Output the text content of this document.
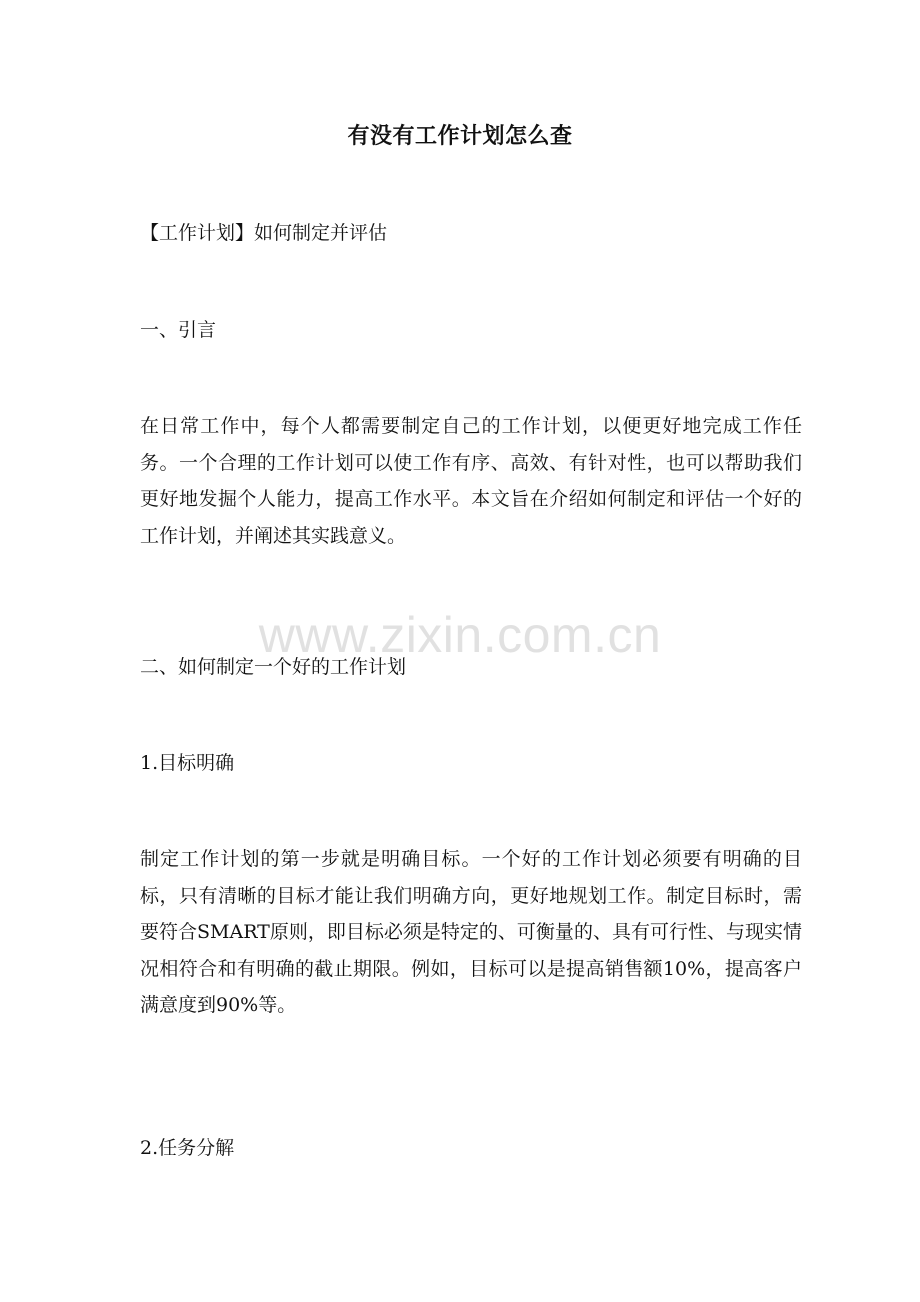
有没有工作计划怎么查
【工作计划】如何制定并评估
一、引言
在日常工作中，每个人都需要制定自己的工作计划，以便更好地完成工作任务。一个合理的工作计划可以使工作有序、高效、有针对性，也可以帮助我们更好地发掘个人能力，提高工作水平。本文旨在介绍如何制定和评估一个好的工作计划，并阐述其实践意义。
www.zixin.com.cn
二、如何制定一个好的工作计划
1.目标明确
制定工作计划的第一步就是明确目标。一个好的工作计划必须要有明确的目标，只有清晰的目标才能让我们明确方向，更好地规划工作。制定目标时，需要符合SMART原则，即目标必须是特定的、可衡量的、具有可行性、与现实情况相符合和有明确的截止期限。例如，目标可以是提高销售额10%，提高客户满意度到90%等。
2.任务分解
